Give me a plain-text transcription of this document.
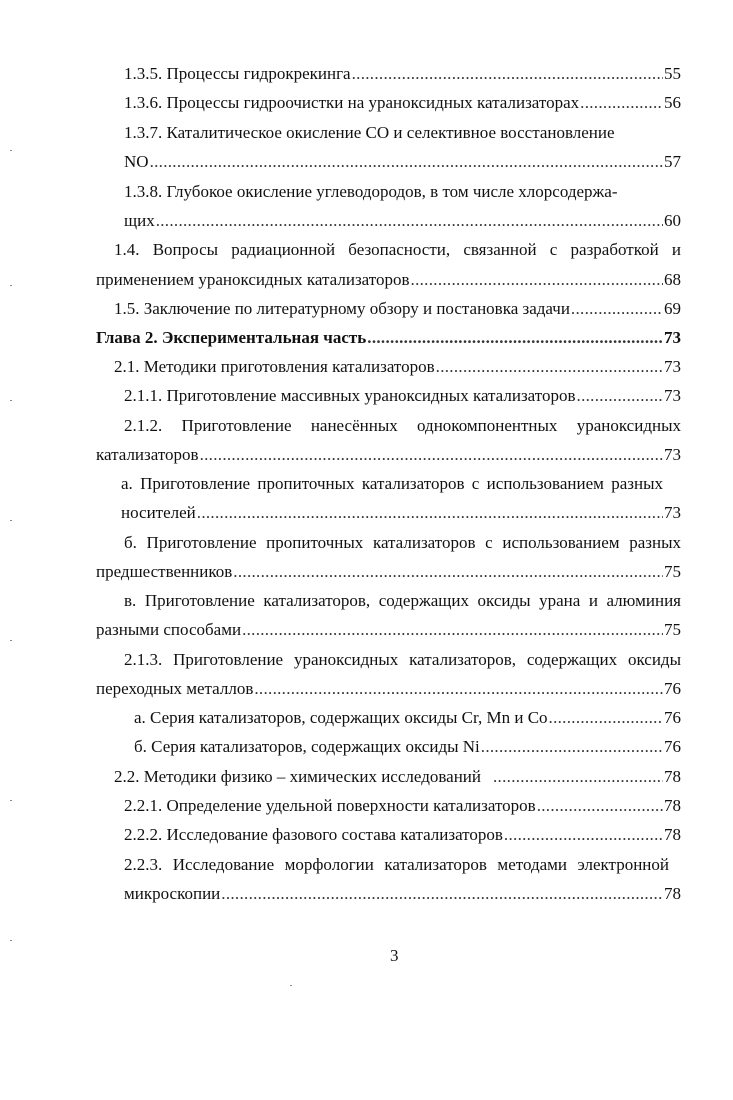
1.3.5. Процессы гидрокрекинга .....	55
1.3.6. Процессы гидроочистки на ураноксидных катализаторах .....	56
1.3.7. Каталитическое окисление СО и селективное восстановление
NO .....	57
1.3.8. Глубокое окисление углеводородов, в том числе хлорсодержа-
щих .....	60
1.4. Вопросы радиационной безопасности, связанной с разработкой и
применением ураноксидных катализаторов .....	68
1.5. Заключение по литературному обзору и постановка задачи .....	69
Глава 2. Экспериментальная часть .....	73
2.1. Методики приготовления катализаторов .....	73
2.1.1. Приготовление массивных ураноксидных катализаторов .....	73
2.1.2. Приготовление нанесённых однокомпонентных ураноксидных
катализаторов .....	73
а. Приготовление пропиточных катализаторов с использованием разных
носителей .....	73
б. Приготовление пропиточных катализаторов с использованием разных
предшественников .....	75
в. Приготовление катализаторов, содержащих оксиды урана и алюминия
разными способами .....	75
2.1.3. Приготовление ураноксидных катализаторов, содержащих оксиды
переходных металлов .....	76
а. Серия катализаторов, содержащих оксиды Cr, Mn и Co .....	76
б. Серия катализаторов, содержащих оксиды Ni .....	76
2.2. Методики физико – химических исследований .....	78
2.2.1. Определение удельной поверхности катализаторов .....	78
2.2.2. Исследование фазового состава катализаторов .....	78
2.2.3. Исследование морфологии катализаторов методами электронной
микроскопии .....	78
3
